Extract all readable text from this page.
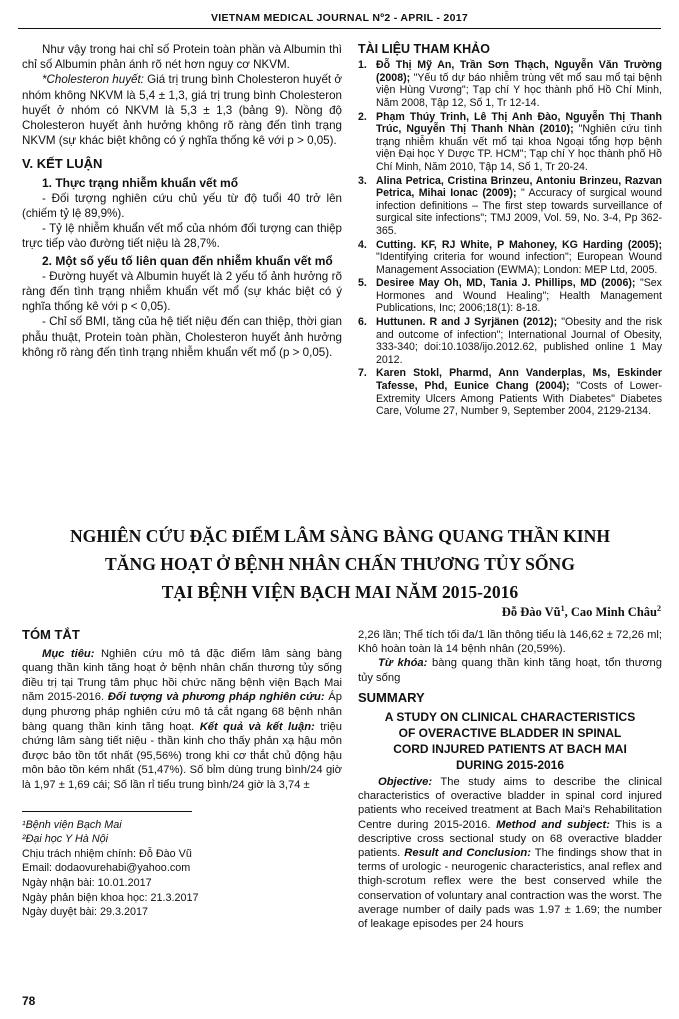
VIETNAM MEDICAL JOURNAL Nº2 - APRIL - 2017

Như vậy trong hai chỉ số Protein toàn phần và Albumin thì chỉ số Albumin phản ánh rõ nét hơn nguy cơ NKVM.

*Cholesteron huyết: Giá trị trung bình Cholesteron huyết ở nhóm không NKVM là 5,4 ± 1,3, giá trị trung bình Cholesteron huyết ở nhóm có NKVM là 5,3 ± 1,3 (bảng 9). Nồng độ Cholesteron huyết ảnh hưởng không rõ ràng đến tình trạng NKVM (sự khác biệt không có ý nghĩa thống kê với p > 0,05).

V. KẾT LUẬN
1. Thực trạng nhiễm khuẩn vết mổ

- Đối tượng nghiên cứu chủ yếu từ độ tuổi 40 trở lên (chiếm tỷ lệ 89,9%).

- Tỷ lệ nhiễm khuẩn vết mổ của nhóm đối tượng can thiệp trực tiếp vào đường tiết niệu là 28,7%.

2. Một số yếu tố liên quan đến nhiễm khuẩn vết mổ

- Đường huyết và Albumin huyết là 2 yếu tố ảnh hưởng rõ ràng đến tình trạng nhiễm khuẩn vết mổ (sự khác biệt có ý nghĩa thống kê với p < 0,05).

- Chỉ số BMI, tăng của hệ tiết niệu đến can thiệp, thời gian phẫu thuật, Protein toàn phần, Cholesteron huyết ảnh hưởng không rõ ràng đến tình trạng nhiễm khuẩn vết mổ (p > 0,05).

TÀI LIỆU THAM KHẢO
1. Đỗ Thị Mỹ An, Trần Sơn Thạch, Nguyễn Văn Trường (2008); "Yếu tố dự báo nhiễm trùng vết mổ sau mổ tại bệnh viện Hùng Vương"; Tạp chí Y học thành phố Hồ Chí Minh, Năm 2008, Tập 12, Số 1, Tr 12-14.
2. Phạm Thúy Trinh, Lê Thị Anh Đào, Nguyễn Thị Thanh Trúc, Nguyễn Thị Thanh Nhàn (2010); "Nghiên cứu tình trạng nhiễm khuẩn vết mổ tại khoa Ngoại tổng hợp bệnh viện Đại học Y Dược TP. HCM"; Tạp chí Y học thành phố Hồ Chí Minh, Năm 2010, Tập 14, Số 1, Tr 20-24.
3. Alina Petrica, Cristina Brinzeu, Antoniu Brinzeu, Razvan Petrica, Mihai Ionac (2009); " Accuracy of surgical wound infection definitions – The first step towards surveillance of surgical site infections"; TMJ 2009, Vol. 59, No. 3-4, Pp 362-365.
4. Cutting. KF, RJ White, P Mahoney, KG Harding (2005); "Identifying criteria for wound infection"; European Wound Management Association (EWMA); London: MEP Ltd, 2005.
5. Desiree May Oh, MD, Tania J. Phillips, MD (2006); "Sex Hormones and Wound Healing"; Health Management Publications, Inc; 2006;18(1): 8-18.
6. Huttunen. R and J Syrjänen (2012); "Obesity and the risk and outcome of infection"; International Journal of Obesity, 333-340; doi:10.1038/ijo.2012.62, published online 1 May 2012.
7. Karen Stokl, Pharmd, Ann Vanderplas, Ms, Eskinder Tafesse, Phd, Eunice Chang (2004); "Costs of Lower-Extremity Ulcers Among Patients With Diabetes" Diabetes Care, Volume 27, Number 9, September 2004, 2129-2134.
NGHIÊN CỨU ĐẶC ĐIỂM LÂM SÀNG BÀNG QUANG THẦN KINH
TĂNG HOẠT Ở BỆNH NHÂN CHẤN THƯƠNG TỦY SỐNG
TẠI BỆNH VIỆN BẠCH MAI NĂM 2015-2016
Đỗ Đào $Vũ^1$, Cao Minh Châu$^2$
TÓM TẮT

Mục tiêu: Nghiên cứu mô tả đặc điểm lâm sàng bàng quang thần kinh tăng hoạt ở bệnh nhân chấn thương tủy sống điều trị tại Trung tâm phục hồi chức năng bệnh viện Bạch Mai năm 2015-2016. Đối tượng và phương pháp nghiên cứu: Áp dụng phương pháp nghiên cứu mô tả cắt ngang 68 bệnh nhân bàng quang thần kinh tăng hoạt. Kết quả và kết luận: triệu chứng lâm sàng tiết niệu - thần kinh cho thấy phản xạ hậu môn được bảo tồn tốt nhất (95,56%) trong khi cơ thắt chủ động hậu môn bảo tồn kém nhất (51,47%). Số bỉm dùng trung bình/24 giờ là 1,97 ± 1,69 cái; Số lần rỉ tiểu trung bình/24 giờ là 3,74 ±

¹Bệnh viện Bạch Mai
²Đại học Y Hà Nội
Chịu trách nhiệm chính: Đỗ Đào Vũ
Email: dodaovurehabi@yahoo.com
Ngày nhận bài: 10.01.2017
Ngày phản biện khoa học: 21.3.2017
Ngày duyệt bài: 29.3.2017

2,26 lần; Thể tích tối đa/1 lần thông tiểu là 146,62 ± 72,26 ml; Khô hoàn toàn là 14 bệnh nhân (20,59%).

Từ khóa: bàng quang thần kinh tăng hoạt, tổn thương tủy sống

SUMMARY
A STUDY ON CLINICAL CHARACTERISTICS
OF OVERACTIVE BLADDER IN SPINAL
CORD INJURED PATIENTS AT BACH MAI
DURING 2015-2016

Objective: The study aims to describe the clinical characteristics of overactive bladder in spinal cord injured patients who received treatment at Bach Mai's Rehabilitation Centre during 2015-2016. Method and subject: This is a descriptive cross sectional study on 68 overactive bladder patients. Result and Conclusion: The findings show that in terms of urologic - neurogenic characteristics, anal reflex and thigh-scrotum reflex were the best conserved while the conservation of voluntary anal contraction was the worst. The average number of daily pads was 1.97 ± 1.69; the number of leakage episodes per 24 hours

78
